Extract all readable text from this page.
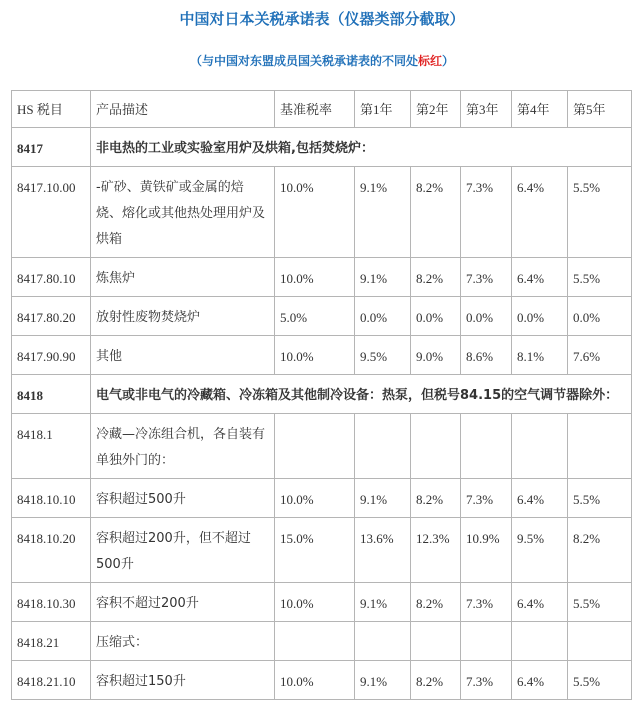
中国对日本关税承诺表（仪器类部分截取）

（与中国对东盟成员国关税承诺表的不同处标红）

HS 税目	产品描述	基准税率	第1年	第2年	第3年	第4年	第5年
8417	非电热的工业或实验室用炉及烘箱,包括焚烧炉：						
8417.10.00	-矿砂、黄铁矿或金属的焙烧、熔化或其他热处理用炉及烘箱	10.0%	9.1%	8.2%	7.3%	6.4%	5.5%
8417.80.10	炼焦炉	10.0%	9.1%	8.2%	7.3%	6.4%	5.5%
8417.80.20	放射性废物焚烧炉	5.0%	0.0%	0.0%	0.0%	0.0%	0.0%
8417.90.90	其他	10.0%	9.5%	9.0%	8.6%	8.1%	7.6%
8418	电气或非电气的冷藏箱、冷冻箱及其他制冷设备：热泵，但税号84.15的空气调节器除外：						
8418.1	冷藏—冷冻组合机，各自装有单独外门的：						
8418.10.10	容积超过500升	10.0%	9.1%	8.2%	7.3%	6.4%	5.5%
8418.10.20	容积超过200升，但不超过500升	15.0%	13.6%	12.3%	10.9%	9.5%	8.2%
8418.10.30	容积不超过200升	10.0%	9.1%	8.2%	7.3%	6.4%	5.5%
8418.21	压缩式：						
8418.21.10	容积超过150升	10.0%	9.1%	8.2%	7.3%	6.4%	5.5%
